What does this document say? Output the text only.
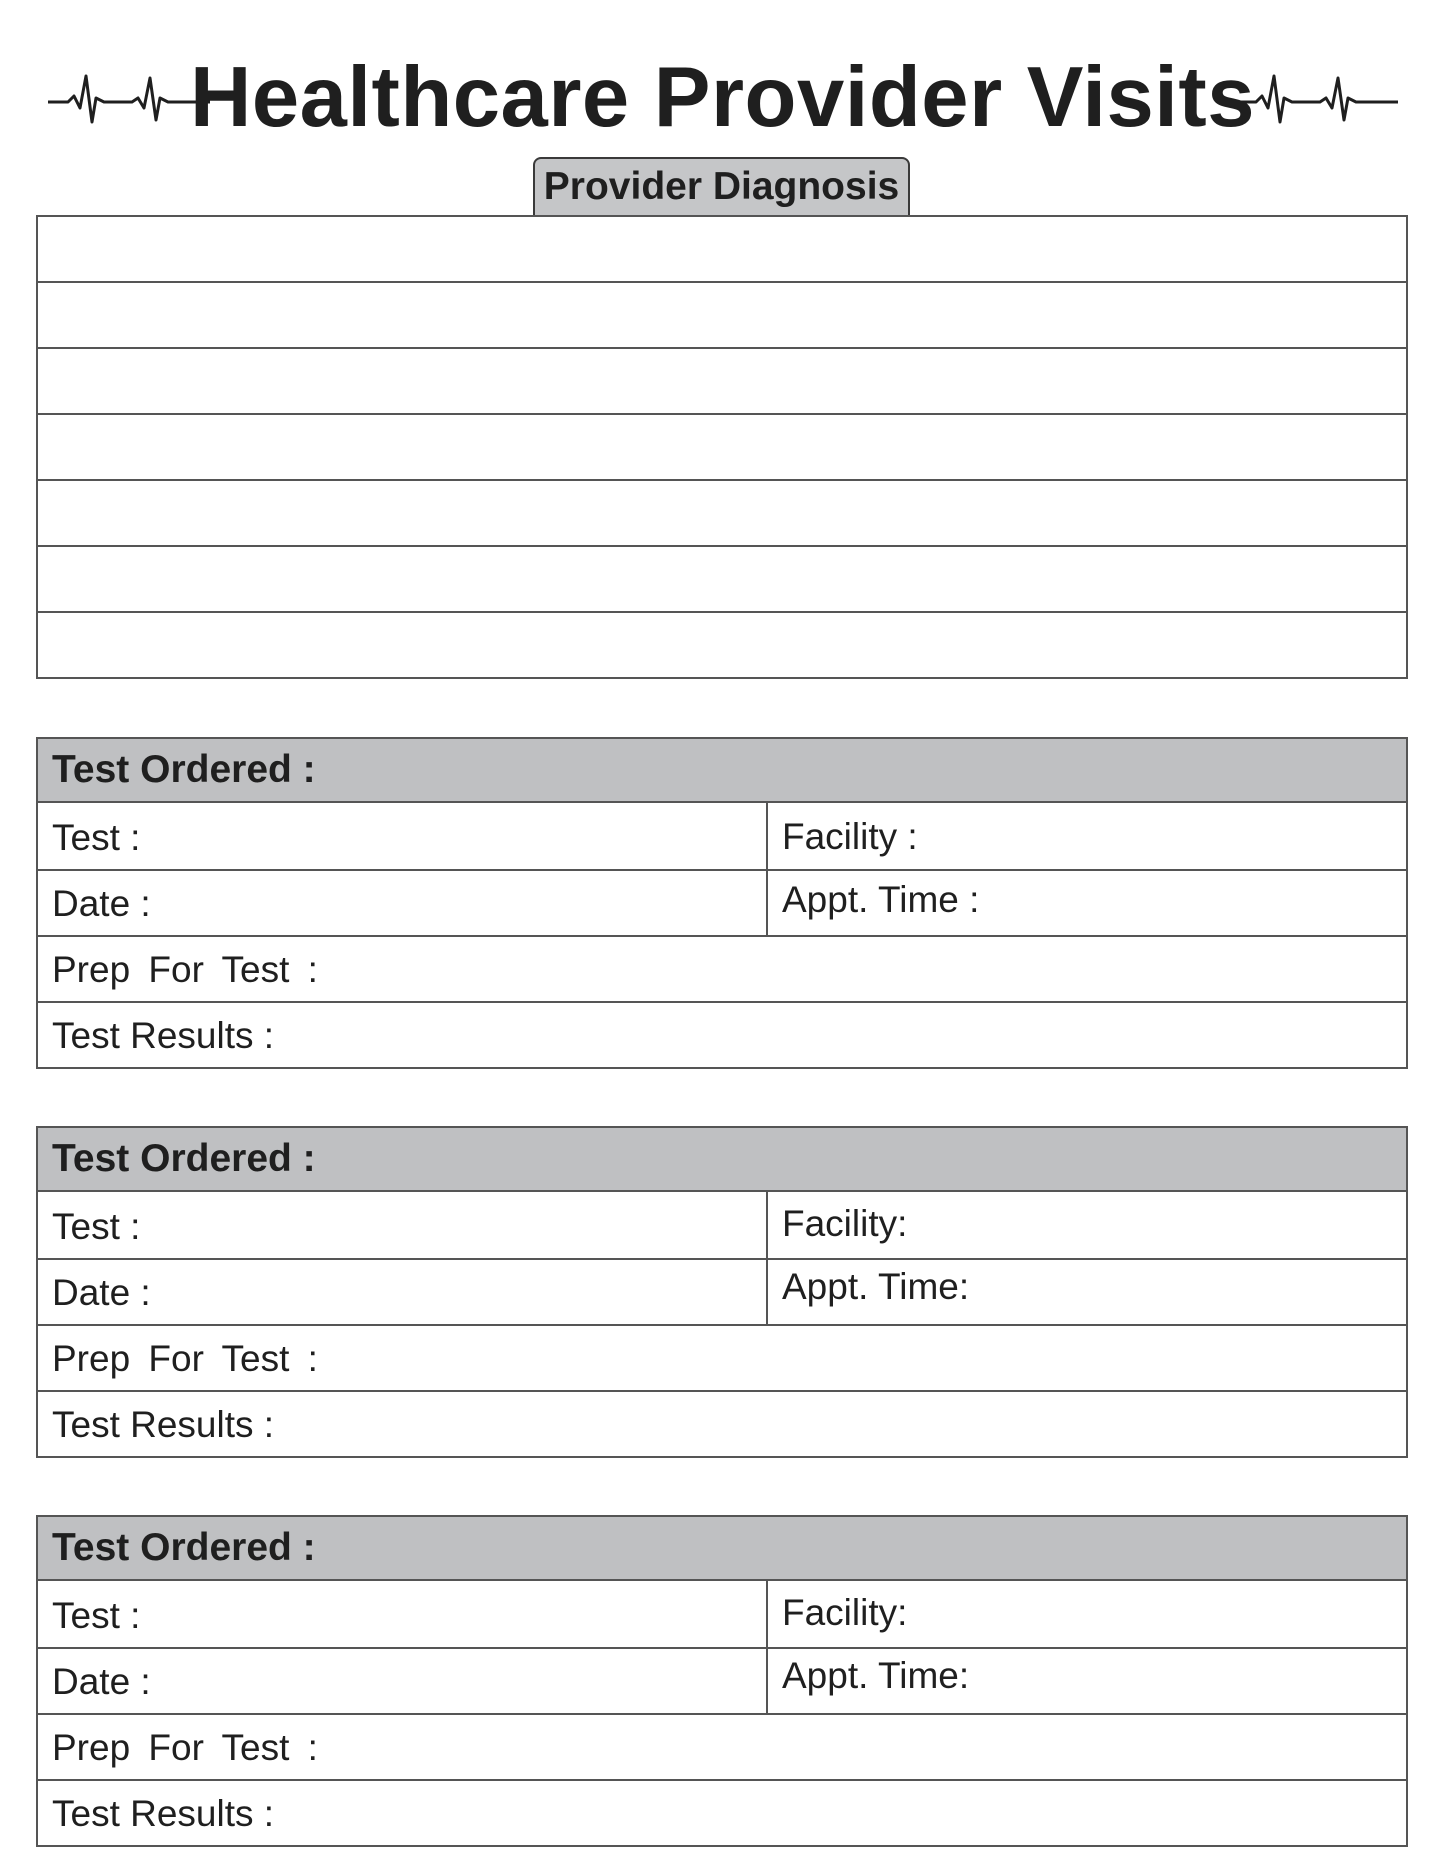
Healthcare Provider Visits
Provider Diagnosis
Test Ordered :
Test :	Facility :
Date :	Appt. Time :
Prep For Test :
Test Results :
Test Ordered :
Test :	Facility:
Date :	Appt. Time:
Prep For Test :
Test Results :
Test Ordered :
Test :	Facility:
Date :	Appt. Time:
Prep For Test :
Test Results :
